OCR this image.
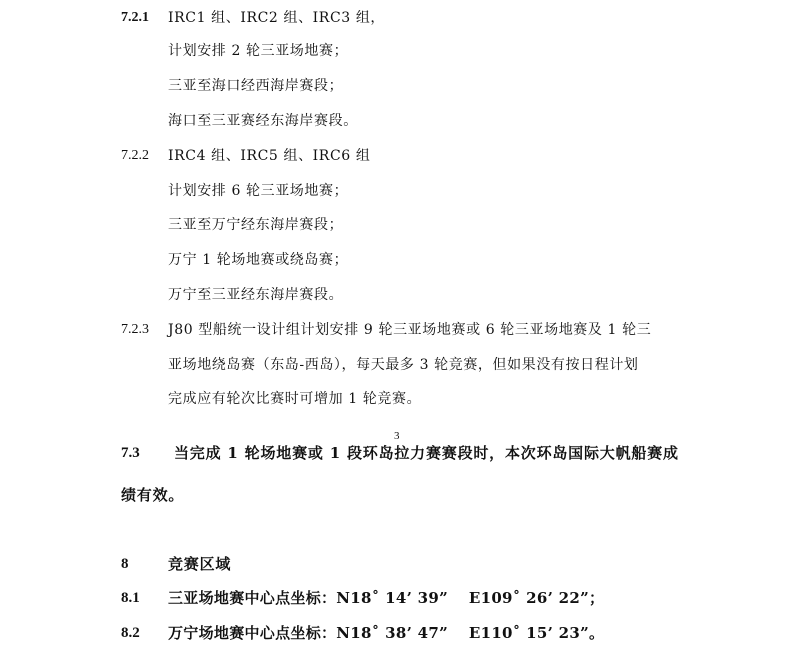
7.2.1 IRC1 组、IRC2 组、IRC3 组，
计划安排 2 轮三亚场地赛；
三亚至海口经西海岸赛段；
海口至三亚赛经东海岸赛段。
7.2.2 IRC4 组、IRC5 组、IRC6 组
计划安排 6 轮三亚场地赛；
三亚至万宁经东海岸赛段；
万宁 1 轮场地赛或绕岛赛；
万宁至三亚经东海岸赛段。
7.2.3 J80 型船统一设计组计划安排 9 轮三亚场地赛或 6 轮三亚场地赛及 1 轮三
亚场地绕岛赛（东岛-西岛），每天最多 3 轮竞赛，但如果没有按日程计划
完成应有轮次比赛时可增加 1 轮竞赛。
3
7.3 当完成 1 轮场地赛或 1 段环岛拉力赛赛段时，本次环岛国际大帆船赛成
绩有效。
8	竞赛区域
8.1 三亚场地赛中心点坐标：N18˚ 14’ 39”　 E109˚ 26’ 22”；
8.2 万宁场地赛中心点坐标：N18˚ 38’ 47”　 E110˚ 15’ 23”。
